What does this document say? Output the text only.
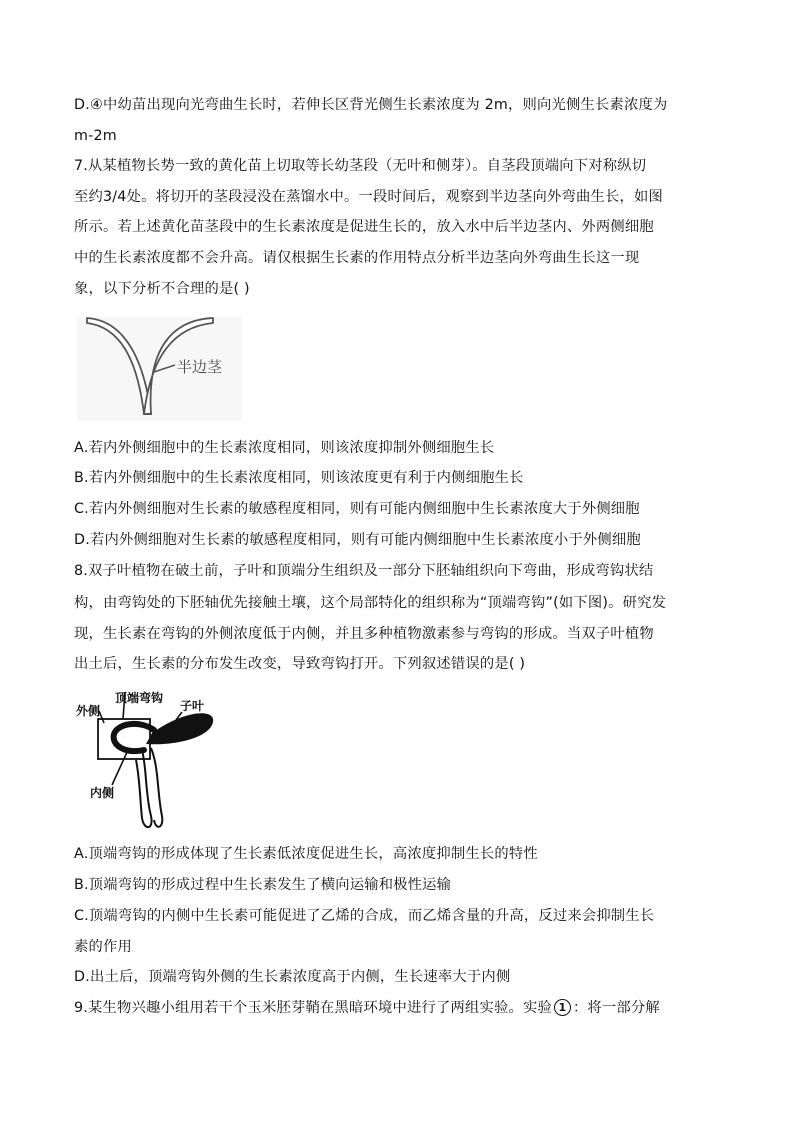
D.④中幼苗出现向光弯曲生长时，若伸长区背光侧生长素浓度为 2m，则向光侧生长素浓度为
m-2m
7.从某植物长势一致的黄化苗上切取等长幼茎段（无叶和侧芽）。自茎段顶端向下对称纵切
至约3/4处。将切开的茎段浸没在蒸馏水中。一段时间后，观察到半边茎向外弯曲生长，如图
所示。若上述黄化苗茎段中的生长素浓度是促进生长的，放入水中后半边茎内、外两侧细胞
中的生长素浓度都不会升高。请仅根据生长素的作用特点分析半边茎向外弯曲生长这一现
象，以下分析不合理的是( )
半边茎
A.若内外侧细胞中的生长素浓度相同，则该浓度抑制外侧细胞生长
B.若内外侧细胞中的生长素浓度相同，则该浓度更有利于内侧细胞生长
C.若内外侧细胞对生长素的敏感程度相同，则有可能内侧细胞中生长素浓度大于外侧细胞
D.若内外侧细胞对生长素的敏感程度相同，则有可能内侧细胞中生长素浓度小于外侧细胞
8.双子叶植物在破土前，子叶和顶端分生组织及一部分下胚轴组织向下弯曲，形成弯钩状结
构，由弯钩处的下胚轴优先接触土壤，这个局部特化的组织称为“顶端弯钩”(如下图)。研究发
现，生长素在弯钩的外侧浓度低于内侧，并且多种植物激素参与弯钩的形成。当双子叶植物
出土后，生长素的分布发生改变，导致弯钩打开。下列叙述错误的是( )
顶端弯钩
外侧	子叶
内侧
A.顶端弯钩的形成体现了生长素低浓度促进生长，高浓度抑制生长的特性
B.顶端弯钩的形成过程中生长素发生了横向运输和极性运输
C.顶端弯钩的内侧中生长素可能促进了乙烯的合成，而乙烯含量的升高，反过来会抑制生长
素的作用
D.出土后，顶端弯钩外侧的生长素浓度高于内侧，生长速率大于内侧
9.某生物兴趣小组用若干个玉米胚芽鞘在黑暗环境中进行了两组实验。实验 1 ：将一部分解
